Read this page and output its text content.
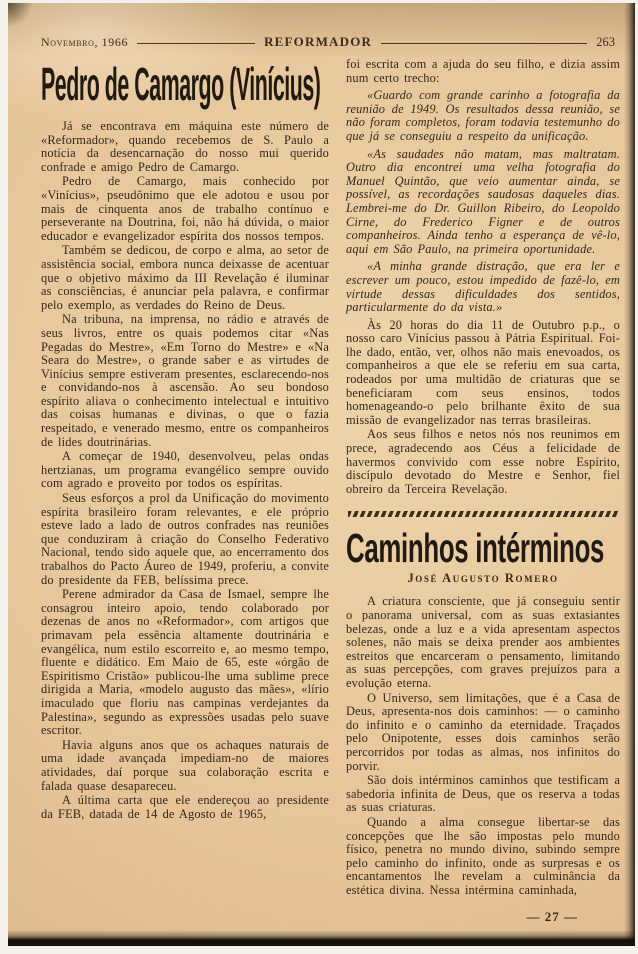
Novembro, 1966	REFORMADOR	263
Pedro de Camargo (Vinícius)

Já se encontrava em máquina este número de «Reformador», quando recebemos de S. Paulo a notícia da desencarnação do nosso mui querido confrade e amigo Pedro de Camargo.

Pedro de Camargo, mais conhecido por «Vinícius», pseudônimo que ele adotou e usou por mais de cinquenta anos de trabalho contínuo e perseverante na Doutrina, foi, não há dúvida, o maior educador e evangelizador espírita dos nossos tempos.

Também se dedicou, de corpo e alma, ao setor de assistência social, embora nunca deixasse de acentuar que o objetivo máximo da III Revelação é iluminar as consciências, é anunciar pela palavra, e confirmar pelo exemplo, as verdades do Reino de Deus.

Na tribuna, na imprensa, no rádio e através de seus livros, entre os quais podemos citar «Nas Pegadas do Mestre», «Em Torno do Mestre» e «Na Seara do Mestre», o grande saber e as virtudes de Vinícius sempre estiveram presentes, esclarecendo-nos e convidando-nos à ascensão. Ao seu bondoso espírito aliava o conhecimento intelectual e intuitivo das coisas humanas e divinas, o que o fazia respeitado, e venerado mesmo, entre os companheiros de lides doutrinárias.

A começar de 1940, desenvolveu, pelas ondas hertzianas, um programa evangélico sempre ouvido com agrado e proveito por todos os espíritas.

Seus esforços a prol da Unificação do movimento espírita brasileiro foram relevantes, e ele próprio esteve lado a lado de outros confrades nas reuniões que conduziram à criação do Conselho Federativo Nacional, tendo sido aquele que, ao encerramento dos trabalhos do Pacto Áureo de 1949, proferiu, a convite do presidente da FEB, belíssima prece.

Perene admirador da Casa de Ismael, sempre lhe consagrou inteiro apoio, tendo colaborado por dezenas de anos no «Reformador», com artigos que primavam pela essência altamente doutrinária e evangélica, num estilo escorreito e, ao mesmo tempo, fluente e didático. Em Maio de 65, este «órgão de Espiritismo Cristão» publicou-lhe uma sublime prece dirigida a Maria, «modelo augusto das mães», «lírio imaculado que floriu nas campinas verdejantes da Palestina», segundo as expressões usadas pelo suave escritor.

Havia alguns anos que os achaques naturais de uma idade avançada impediam-no de maiores atividades, daí porque sua colaboração escrita e falada quase desapareceu.

A última carta que ele endereçou ao presidente da FEB, datada de 14 de Agosto de 1965,

foi escrita com a ajuda do seu filho, e dizia assim num certo trecho:

«Guardo com grande carinho a fotografia da reunião de 1949. Os resultados dessa reunião, se não foram completos, foram todavia testemunho do que já se conseguiu a respeito da unificação.

«As saudades não matam, mas maltratam. Outro dia encontrei uma velha fotografia do Manuel Quintão, que veio aumentar ainda, se possível, as recordações saudosas daqueles dias. Lembrei-me do Dr. Guillon Ribeiro, do Leopoldo Cirne, do Frederico Figner e de outros companheiros. Ainda tenho a esperança de vê-lo, aqui em São Paulo, na primeira oportunidade.

«A minha grande distração, que era ler e escrever um pouco, estou impedido de fazê-lo, em virtude dessas dificuldades dos sentidos, particularmente do da vista.»

Às 20 horas do dia 11 de Outubro p.p., o nosso caro Vinícius passou à Pátria Espiritual. Foi-lhe dado, então, ver, olhos não mais enevoados, os companheiros a que ele se referiu em sua carta, rodeados por uma multidão de criaturas que se beneficiaram com seus ensinos, todos homenageando-o pelo brilhante êxito de sua missão de evangelizador nas terras brasileiras.

Aos seus filhos e netos nós nos reunimos em prece, agradecendo aos Céus a felicidade de havermos convivido com esse nobre Espírito, discípulo devotado do Mestre e Senhor, fiel obreiro da Terceira Revelação.

Caminhos intérminos
José Augusto Romero

A criatura consciente, que já conseguiu sentir o panorama universal, com as suas extasiantes belezas, onde a luz e a vida apresentam aspectos solenes, não mais se deixa prender aos ambientes estreitos que encarceram o pensamento, limitando as suas percepções, com graves prejuízos para a evolução eterna.

O Universo, sem limitações, que é a Casa de Deus, apresenta-nos dois caminhos: — o caminho do infinito e o caminho da eternidade. Traçados pelo Onipotente, esses dois caminhos serão percorridos por todas as almas, nos infinitos do porvir.

São dois intérminos caminhos que testificam a sabedoria infinita de Deus, que os reserva a todas as suas criaturas.

Quando a alma consegue libertar-se das concepções que lhe são impostas pelo mundo físico, penetra no mundo divino, subindo sempre pelo caminho do infinito, onde as surpresas e os encantamentos lhe revelam a culminância da estética divina. Nessa intérmina caminhada,

— 27 —
